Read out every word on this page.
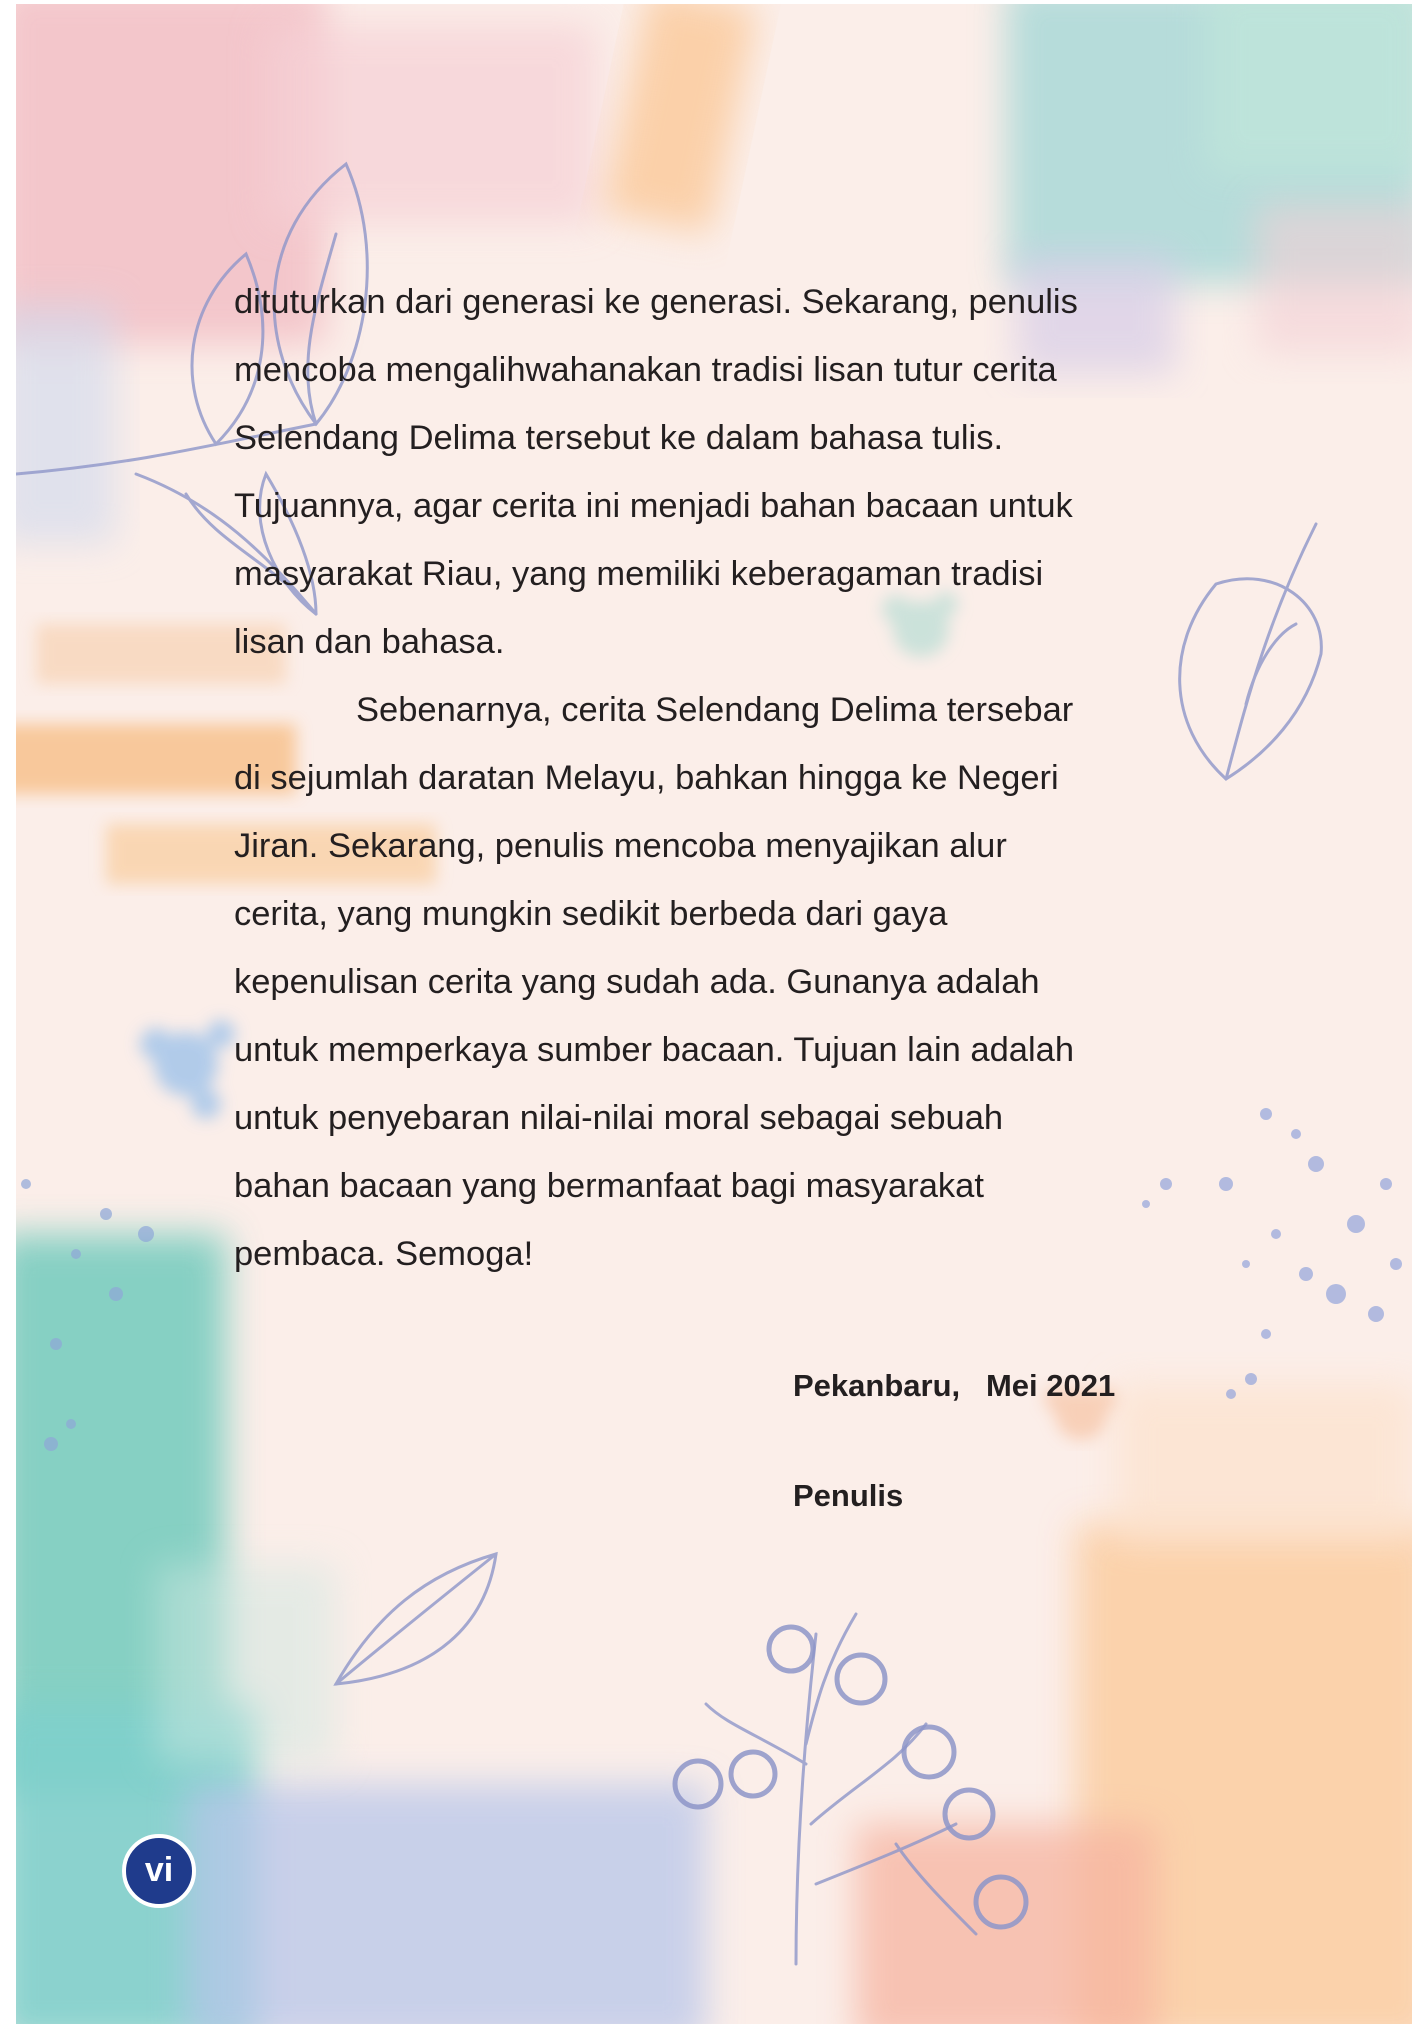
dituturkan dari generasi ke generasi. Sekarang, penulis
mencoba mengalihwahanakan tradisi lisan tutur cerita
Selendang Delima tersebut ke dalam bahasa tulis.
Tujuannya, agar cerita ini menjadi bahan bacaan untuk
masyarakat Riau, yang memiliki keberagaman tradisi
lisan dan bahasa.

Sebenarnya, cerita Selendang Delima tersebar
di sejumlah daratan Melayu, bahkan hingga ke Negeri
Jiran. Sekarang, penulis mencoba menyajikan alur
cerita, yang mungkin sedikit berbeda dari gaya
kepenulisan cerita yang sudah ada. Gunanya adalah
untuk memperkaya sumber bacaan. Tujuan lain adalah
untuk penyebaran nilai-nilai moral sebagai sebuah
bahan bacaan yang bermanfaat bagi masyarakat
pembaca. Semoga!

Pekanbaru,   Mei 2021

Penulis

vi
